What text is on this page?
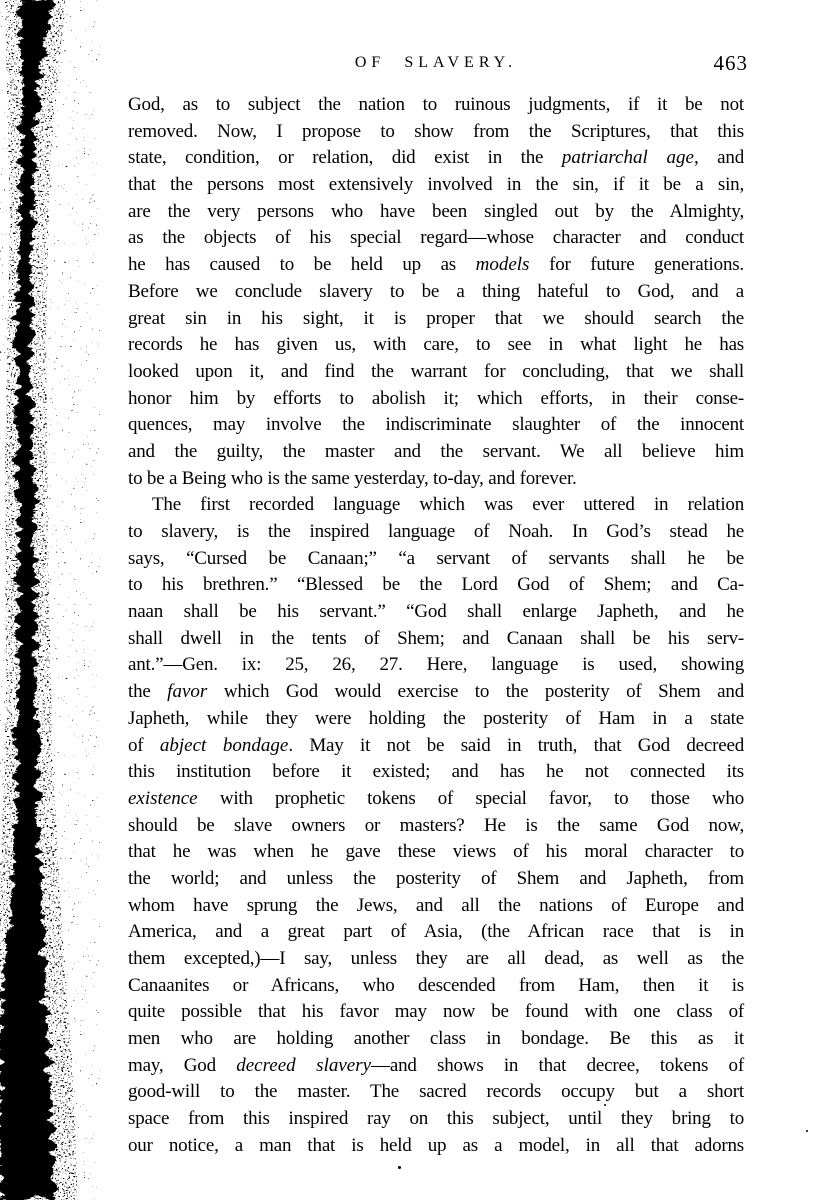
OF SLAVERY.	463
God, as to subject the nation to ruinous judgments, if it be not
removed. Now, I propose to show from the Scriptures, that this
state, condition, or relation, did exist in the patriarchal age, and
that the persons most extensively involved in the sin, if it be a sin,
are the very persons who have been singled out by the Almighty,
as the objects of his special regard—whose character and conduct
he has caused to be held up as models for future generations.
Before we conclude slavery to be a thing hateful to God, and a
great sin in his sight, it is proper that we should search the
records he has given us, with care, to see in what light he has
looked upon it, and find the warrant for concluding, that we shall
honor him by efforts to abolish it; which efforts, in their conse-
quences, may involve the indiscriminate slaughter of the innocent
and the guilty, the master and the servant. We all believe him
to be a Being who is the same yesterday, to-day, and forever.
The first recorded language which was ever uttered in relation
to slavery, is the inspired language of Noah. In God’s stead he
says, “Cursed be Canaan;” “a servant of servants shall he be
to his brethren.” “Blessed be the Lord God of Shem; and Ca-
naan shall be his servant.” “God shall enlarge Japheth, and he
shall dwell in the tents of Shem; and Canaan shall be his serv-
ant.”—Gen. ix: 25, 26, 27. Here, language is used, showing
the favor which God would exercise to the posterity of Shem and
Japheth, while they were holding the posterity of Ham in a state
of abject bondage. May it not be said in truth, that God decreed
this institution before it existed; and has he not connected its
existence with prophetic tokens of special favor, to those who
should be slave owners or masters? He is the same God now,
that he was when he gave these views of his moral character to
the world; and unless the posterity of Shem and Japheth, from
whom have sprung the Jews, and all the nations of Europe and
America, and a great part of Asia, (the African race that is in
them excepted,)—I say, unless they are all dead, as well as the
Canaanites or Africans, who descended from Ham, then it is
quite possible that his favor may now be found with one class of
men who are holding another class in bondage. Be this as it
may, God decreed slavery—and shows in that decree, tokens of
good-will to the master. The sacred records occupy but a short
space from this inspired ray on this subject, until they bring to
our notice, a man that is held up as a model, in all that adorns
